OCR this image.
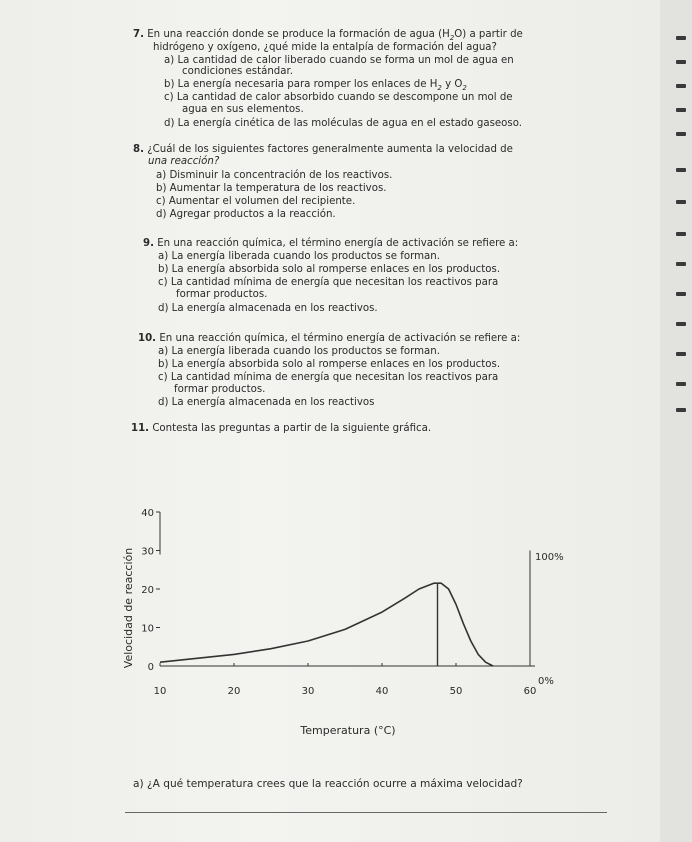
7. En una reacción donde se produce la formación de agua $(H_2O)$ a partir de
hidrógeno y oxígeno, ¿qué mide la entalpía de formación del agua?
a) La cantidad de calor liberado cuando se forma un mol de agua en
condiciones estándar.
b) La energía necesaria para romper los enlaces de $H_2$ y $O_2$
c) La cantidad de calor absorbido cuando se descompone un mol de
agua en sus elementos.
d) La energía cinética de las moléculas de agua en el estado gaseoso.
8. ¿Cuál de los siguientes factores generalmente aumenta la velocidad de
una reacción?
a) Disminuir la concentración de los reactivos.
b) Aumentar la temperatura de los reactivos.
c) Aumentar el volumen del recipiente.
d) Agregar productos a la reacción.
9. En una reacción química, el término energía de activación se refiere a:
a) La energía liberada cuando los productos se forman.
b) La energía absorbida solo al romperse enlaces en los productos.
c) La cantidad mínima de energía que necesitan los reactivos para
formar productos.
d) La energía almacenada en los reactivos.
10. En una reacción química, el término energía de activación se refiere a:
a) La energía liberada cuando los productos se forman.
b) La energía absorbida solo al romperse enlaces en los productos.
c) La cantidad mínima de energía que necesitan los reactivos para
formar productos.
d) La energía almacenada en los reactivos
11. Contesta las preguntas a partir de la siguiente gráfica.
0
10
20
30
40
10	20	30	40	50	60
Velocidad de reacción
Temperatura (°C)
100%
0%
a) ¿A qué temperatura crees que la reacción ocurre a máxima velocidad?
